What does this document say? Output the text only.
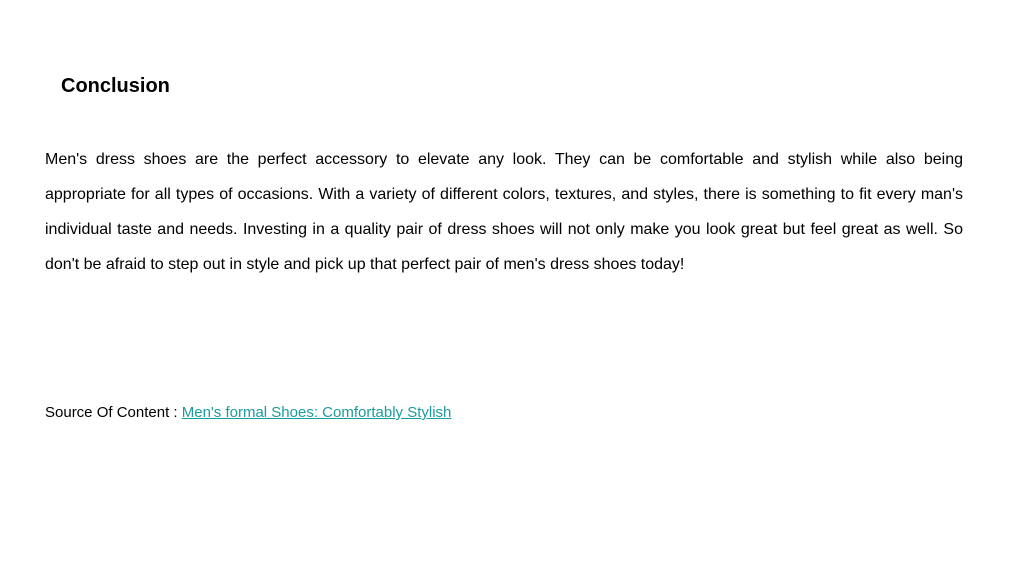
Conclusion

Men's dress shoes are the perfect accessory to elevate any look. They can be comfortable and stylish while also being appropriate for all types of occasions. With a variety of different colors, textures, and styles, there is something to fit every man's individual taste and needs. Investing in a quality pair of dress shoes will not only make you look great but feel great as well. So don't be afraid to step out in style and pick up that perfect pair of men's dress shoes today!

Source Of Content : Men's formal Shoes: Comfortably Stylish
